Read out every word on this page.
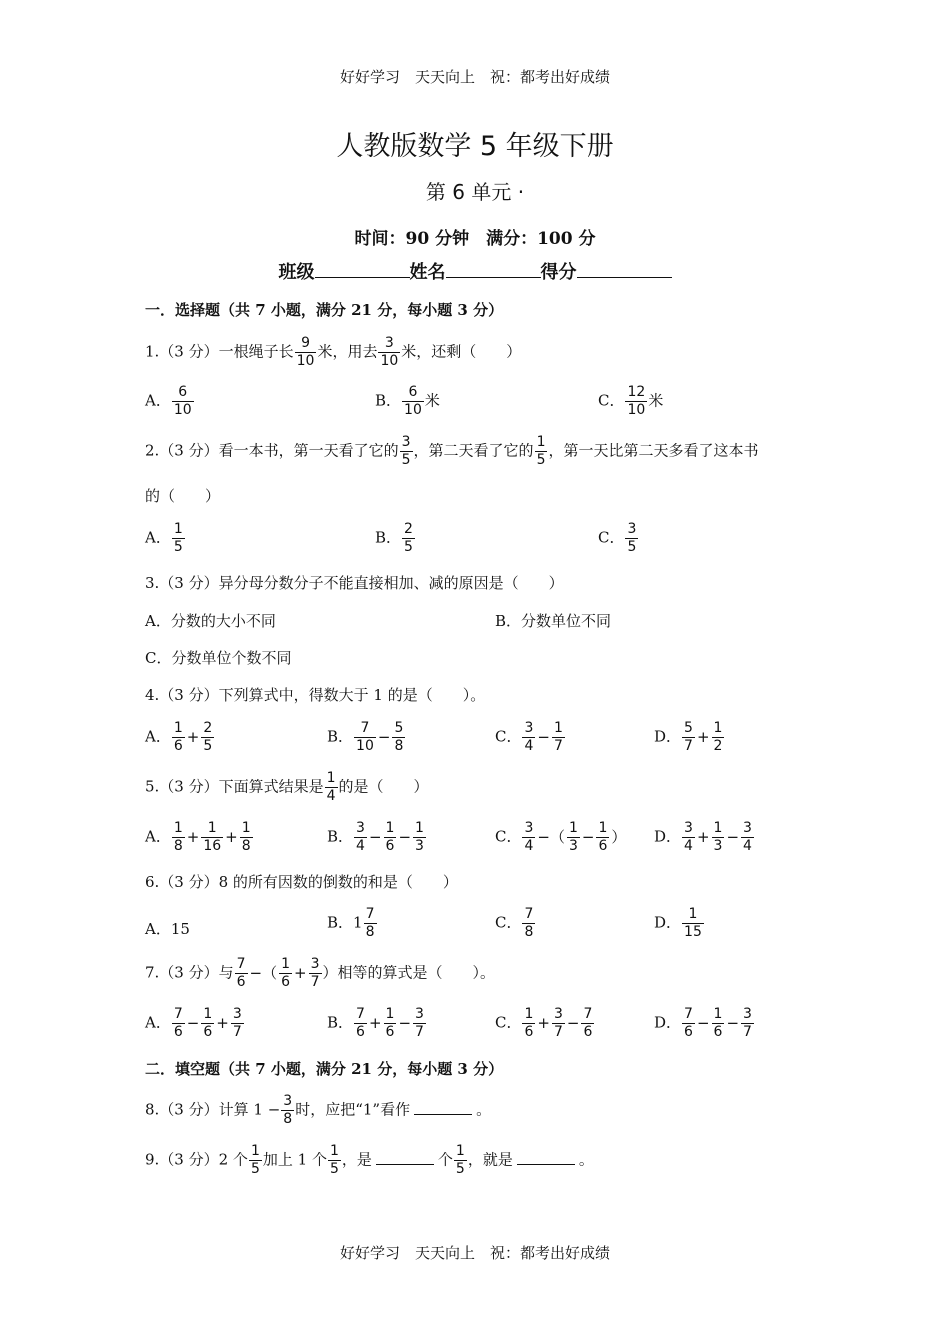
好好学习　天天向上　祝：都考出好成绩
好好学习　天天向上　祝：都考出好成绩
人教版数学 5 年级下册
第 6 单元 ·
时间：90 分钟　满分：100 分
班级	姓名	得分
一．选择题（共 7 小题，满分 21 分，每小题 3 分）
1.（3 分）一根绳子长 $\frac{9}{10}$ 米，用去 $\frac{3}{10}$ 米，还剩（　　）
A． $\frac{6}{10}$	B． $\frac{6}{10}$ 米	C． $\frac{12}{10}$ 米
2.（3 分）看一本书，第一天看了它的 $\frac{3}{5}$ ，第二天看了它的 $\frac{1}{5}$ ，第一天比第二天多看了这本书
的（　　）
A． $\frac{1}{5}$	B． $\frac{2}{5}$	C． $\frac{3}{5}$
3.（3 分）异分母分数分子不能直接相加、减的原因是（　　）
A．分数的大小不同	B．分数单位不同
C．分数单位个数不同
4.（3 分）下列算式中，得数大于 1 的是（　　）。
A． $\frac{1}{6} + \frac{2}{5}$	B． $\frac{7}{10} - \frac{5}{8}$	C． $\frac{3}{4} - \frac{1}{7}$	D． $\frac{5}{7} + \frac{1}{2}$
5.（3 分）下面算式结果是 $\frac{1}{4}$ 的是（　　）
A． $\frac{1}{8} + \frac{1}{16} + \frac{1}{8}$	B． $\frac{3}{4} - \frac{1}{6} - \frac{1}{3}$	C． $\frac{3}{4}$ −（ $\frac{1}{3} - \frac{1}{6}$ ） D． $\frac{3}{4} + \frac{1}{3} - \frac{3}{4}$
6.（3 分）8 的所有因数的倒数的和是（　　）
A．15	B．$1 \frac{7}{8}$	C． $\frac{7}{8}$	D． $\frac{1}{15}$
7.（3 分）与 $\frac{7}{6}$ −（ $\frac{1}{6} + \frac{3}{7}$ ）相等的算式是（　　）。
A． $\frac{7}{6} - \frac{1}{6} + \frac{3}{7}$	B． $\frac{7}{6} + \frac{1}{6} - \frac{3}{7}$	C． $\frac{1}{6} + \frac{3}{7} - \frac{7}{6}$	D． $\frac{7}{6} - \frac{1}{6} - \frac{3}{7}$
二．填空题（共 7 小题，满分 21 分，每小题 3 分）
8.（3 分）计算 $1 - \frac{3}{8}$ 时，应把“1”看作	。
9.（3 分）2 个 $\frac{1}{5}$ 加上 1 个 $\frac{1}{5}$ ，是	个 $\frac{1}{5}$ ，就是	。
